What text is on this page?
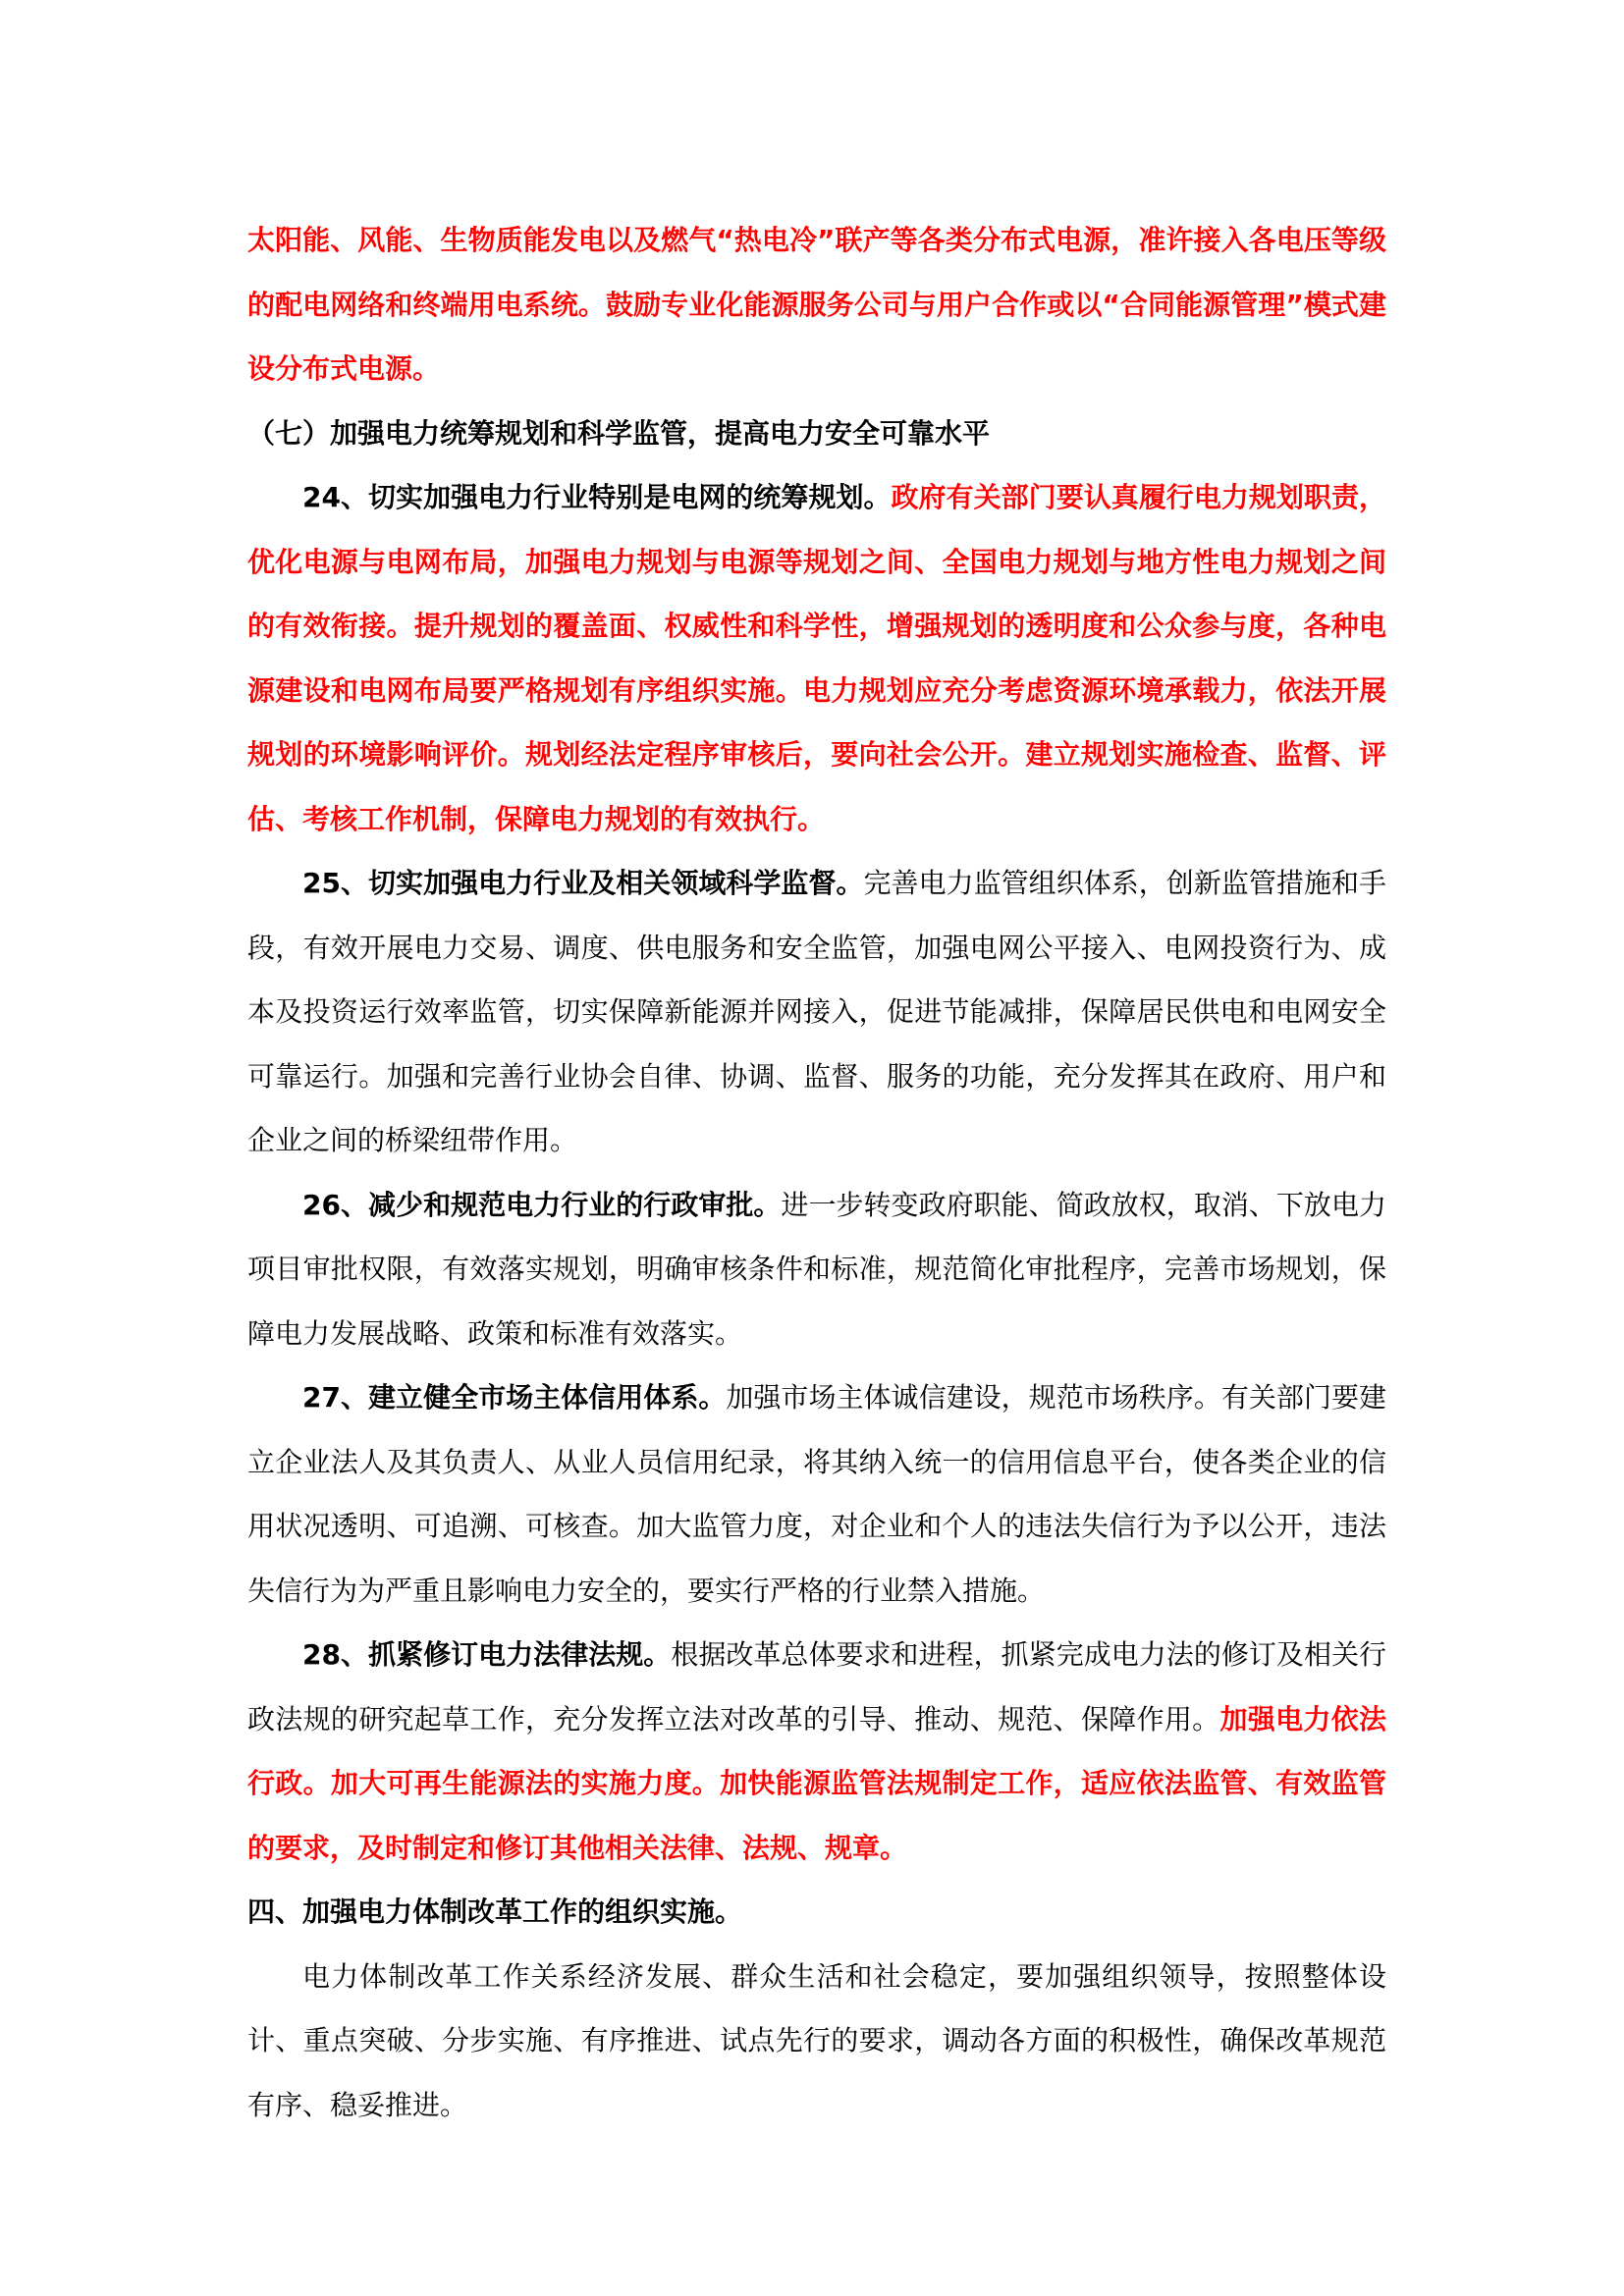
太阳能、风能、生物质能发电以及燃气“热电冷”联产等各类分布式电源，准许接入各电压等级的配电网络和终端用电系统。鼓励专业化能源服务公司与用户合作或以“合同能源管理”模式建设分布式电源。

（七）加强电力统筹规划和科学监管，提高电力安全可靠水平

24、切实加强电力行业特别是电网的统筹规划。政府有关部门要认真履行电力规划职责，优化电源与电网布局，加强电力规划与电源等规划之间、全国电力规划与地方性电力规划之间的有效衔接。提升规划的覆盖面、权威性和科学性，增强规划的透明度和公众参与度，各种电源建设和电网布局要严格规划有序组织实施。电力规划应充分考虑资源环境承载力，依法开展规划的环境影响评价。规划经法定程序审核后，要向社会公开。建立规划实施检查、监督、评估、考核工作机制，保障电力规划的有效执行。

25、切实加强电力行业及相关领域科学监督。完善电力监管组织体系，创新监管措施和手段，有效开展电力交易、调度、供电服务和安全监管，加强电网公平接入、电网投资行为、成本及投资运行效率监管，切实保障新能源并网接入，促进节能减排，保障居民供电和电网安全可靠运行。加强和完善行业协会自律、协调、监督、服务的功能，充分发挥其在政府、用户和企业之间的桥梁纽带作用。

26、减少和规范电力行业的行政审批。进一步转变政府职能、简政放权，取消、下放电力项目审批权限，有效落实规划，明确审核条件和标准，规范简化审批程序，完善市场规划，保障电力发展战略、政策和标准有效落实。

27、建立健全市场主体信用体系。加强市场主体诚信建设，规范市场秩序。有关部门要建立企业法人及其负责人、从业人员信用纪录，将其纳入统一的信用信息平台，使各类企业的信用状况透明、可追溯、可核查。加大监管力度，对企业和个人的违法失信行为予以公开，违法失信行为为严重且影响电力安全的，要实行严格的行业禁入措施。

28、抓紧修订电力法律法规。根据改革总体要求和进程，抓紧完成电力法的修订及相关行政法规的研究起草工作，充分发挥立法对改革的引导、推动、规范、保障作用。加强电力依法行政。加大可再生能源法的实施力度。加快能源监管法规制定工作，适应依法监管、有效监管的要求，及时制定和修订其他相关法律、法规、规章。

四、加强电力体制改革工作的组织实施。

电力体制改革工作关系经济发展、群众生活和社会稳定，要加强组织领导，按照整体设计、重点突破、分步实施、有序推进、试点先行的要求，调动各方面的积极性，确保改革规范有序、稳妥推进。
